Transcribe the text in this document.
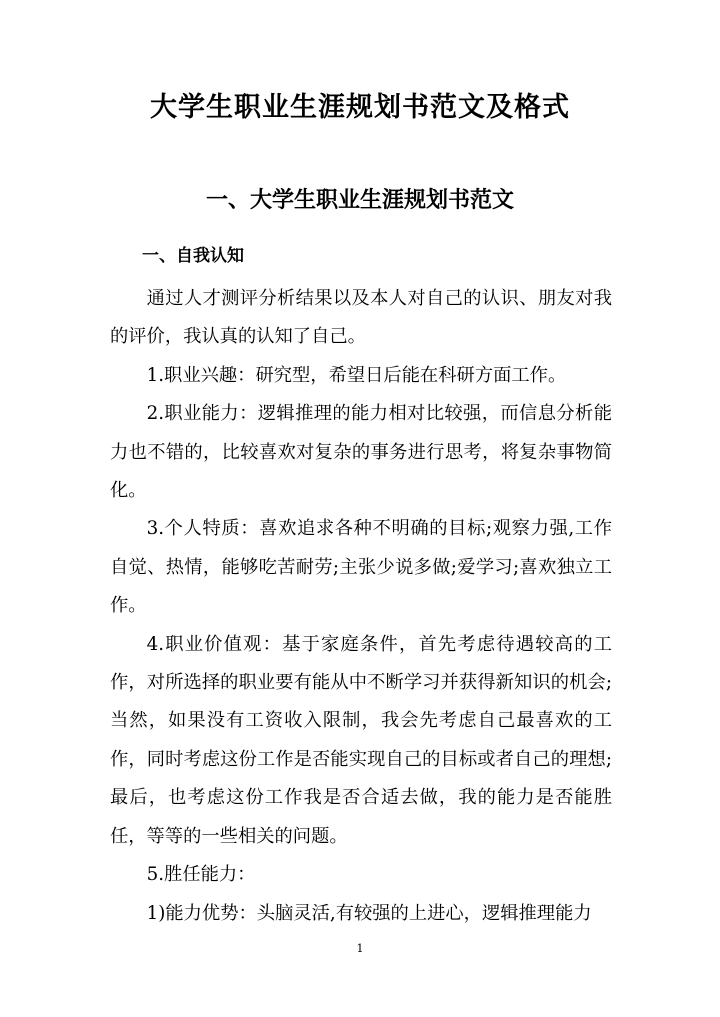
大学生职业生涯规划书范文及格式
一、大学生职业生涯规划书范文
一、自我认知

通过人才测评分析结果以及本人对自己的认识、朋友对我的评价，我认真的认知了自己。

1.职业兴趣：研究型，希望日后能在科研方面工作。

2.职业能力：逻辑推理的能力相对比较强，而信息分析能力也不错的，比较喜欢对复杂的事务进行思考，将复杂事物简化。

3.个人特质：喜欢追求各种不明确的目标;观察力强,工作自觉、热情，能够吃苦耐劳;主张少说多做;爱学习;喜欢独立工作。

4.职业价值观：基于家庭条件，首先考虑待遇较高的工作，对所选择的职业要有能从中不断学习并获得新知识的机会;当然，如果没有工资收入限制，我会先考虑自己最喜欢的工作，同时考虑这份工作是否能实现自己的目标或者自己的理想;最后，也考虑这份工作我是否合适去做，我的能力是否能胜任，等等的一些相关的问题。

5.胜任能力：

1)能力优势：头脑灵活,有较强的上进心，逻辑推理能力

1
